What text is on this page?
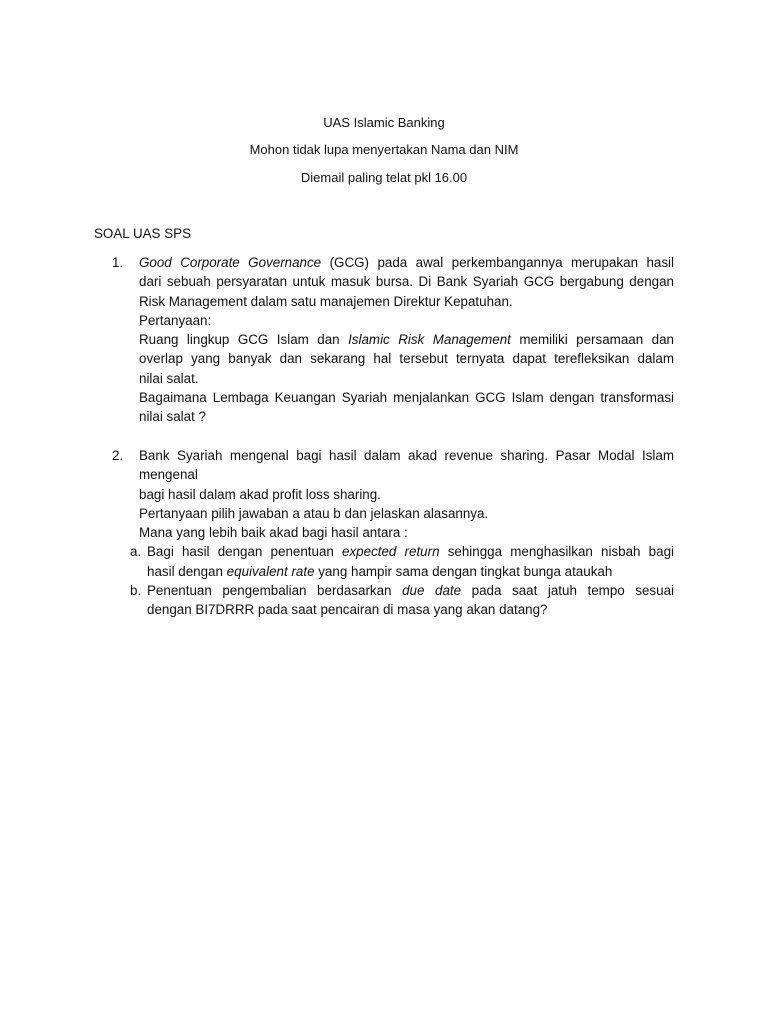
UAS Islamic Banking
Mohon tidak lupa menyertakan Nama dan NIM
Diemail paling telat pkl 16.00
SOAL UAS SPS
1. Good Corporate Governance (GCG) pada awal perkembangannya merupakan hasil
dari sebuah persyaratan untuk masuk bursa. Di Bank Syariah GCG bergabung dengan
Risk Management dalam satu manajemen Direktur Kepatuhan.
Pertanyaan:
Ruang lingkup GCG Islam dan Islamic Risk Management memiliki persamaan dan
overlap yang banyak dan sekarang hal tersebut ternyata dapat terefleksikan dalam
nilai salat.
Bagaimana Lembaga Keuangan Syariah menjalankan GCG Islam dengan transformasi
nilai salat ?
2. Bank Syariah mengenal bagi hasil dalam akad revenue sharing. Pasar Modal Islam
mengenal
bagi hasil dalam akad profit loss sharing.
Pertanyaan pilih jawaban a atau b dan jelaskan alasannya.
Mana yang lebih baik akad bagi hasil antara :
a. Bagi hasil dengan penentuan expected return sehingga menghasilkan nisbah bagi
hasil dengan equivalent rate yang hampir sama dengan tingkat bunga ataukah
b. Penentuan pengembalian berdasarkan due date pada saat jatuh tempo sesuai
dengan BI7DRRR pada saat pencairan di masa yang akan datang?
